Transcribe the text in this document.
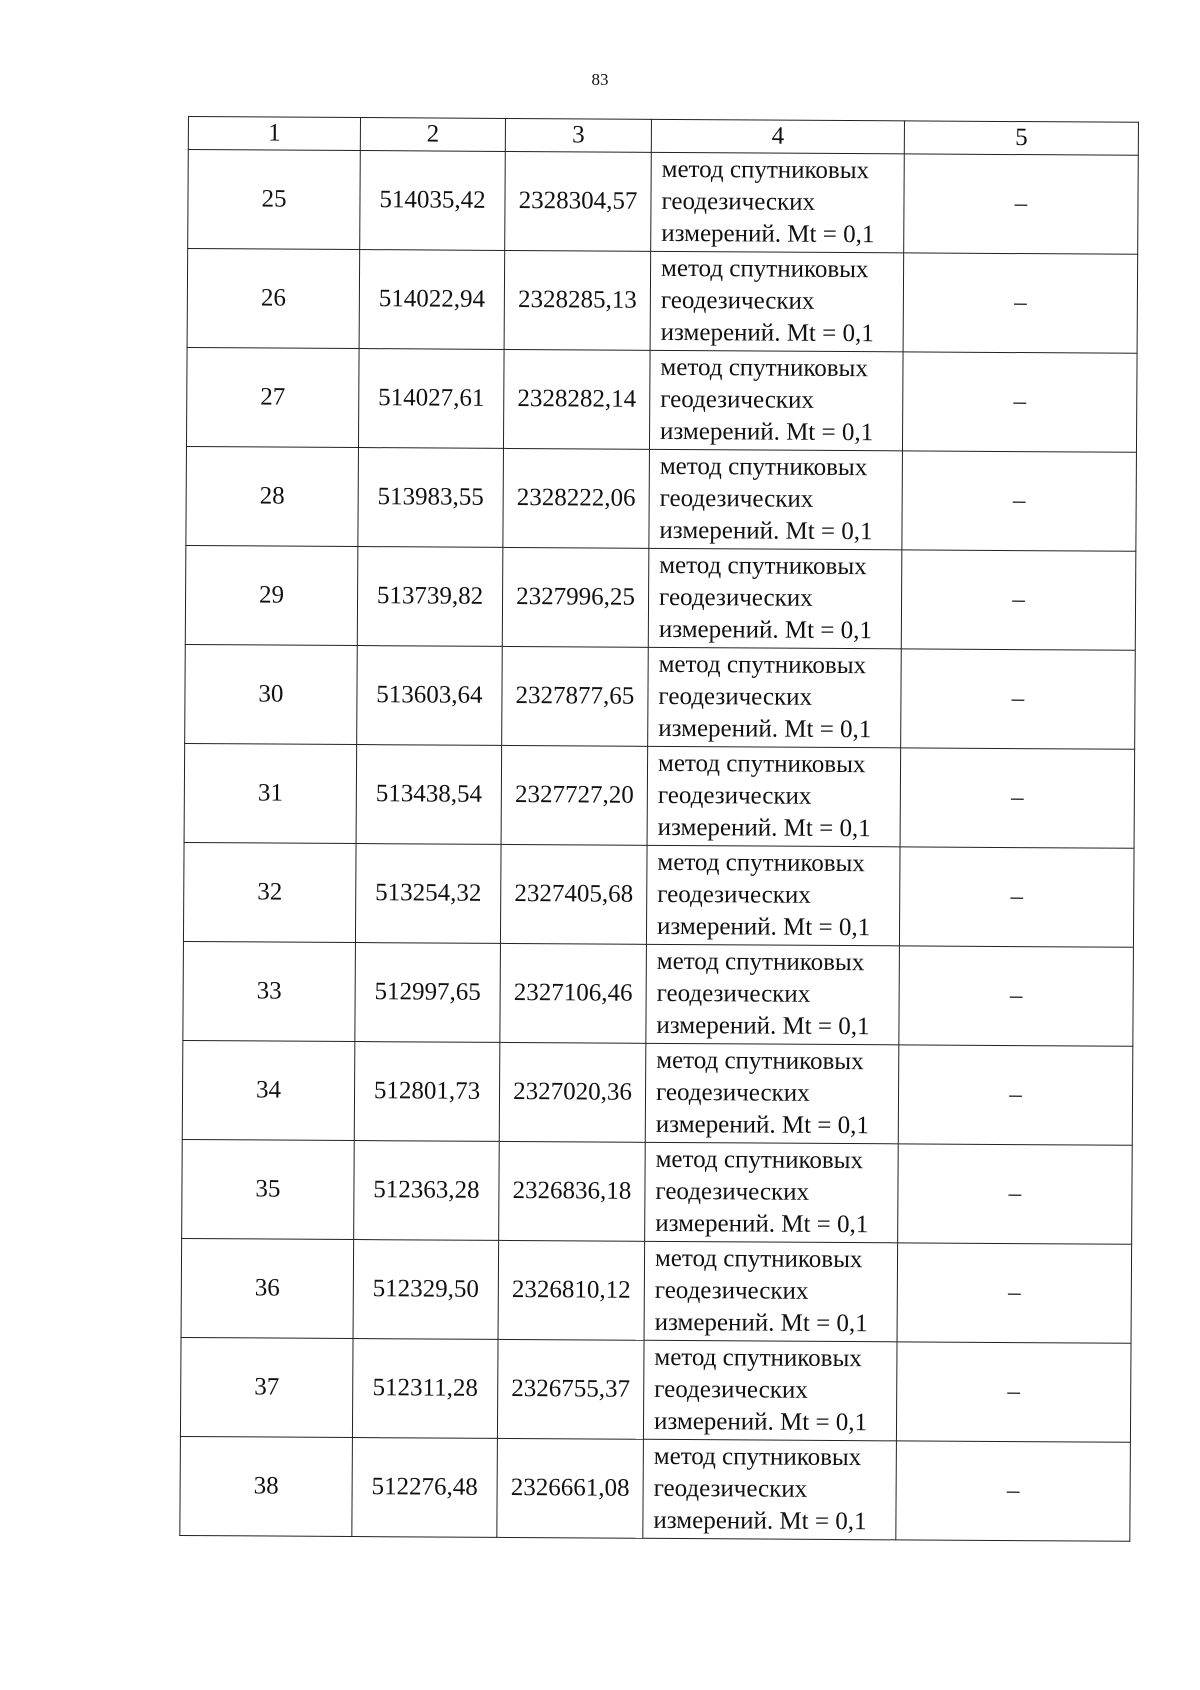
83
1	2	3	4	5
25	514035,42	2328304,57	метод спутниковых
геодезических
измерений. Mt = 0,1	–
26	514022,94	2328285,13	метод спутниковых
геодезических
измерений. Mt = 0,1	–
27	514027,61	2328282,14	метод спутниковых
геодезических
измерений. Mt = 0,1	–
28	513983,55	2328222,06	метод спутниковых
геодезических
измерений. Mt = 0,1	–
29	513739,82	2327996,25	метод спутниковых
геодезических
измерений. Mt = 0,1	–
30	513603,64	2327877,65	метод спутниковых
геодезических
измерений. Mt = 0,1	–
31	513438,54	2327727,20	метод спутниковых
геодезических
измерений. Mt = 0,1	–
32	513254,32	2327405,68	метод спутниковых
геодезических
измерений. Mt = 0,1	–
33	512997,65	2327106,46	метод спутниковых
геодезических
измерений. Mt = 0,1	–
34	512801,73	2327020,36	метод спутниковых
геодезических
измерений. Mt = 0,1	–
35	512363,28	2326836,18	метод спутниковых
геодезических
измерений. Mt = 0,1	–
36	512329,50	2326810,12	метод спутниковых
геодезических
измерений. Mt = 0,1	–
37	512311,28	2326755,37	метод спутниковых
геодезических
измерений. Mt = 0,1	–
38	512276,48	2326661,08	метод спутниковых
геодезических
измерений. Mt = 0,1	–
